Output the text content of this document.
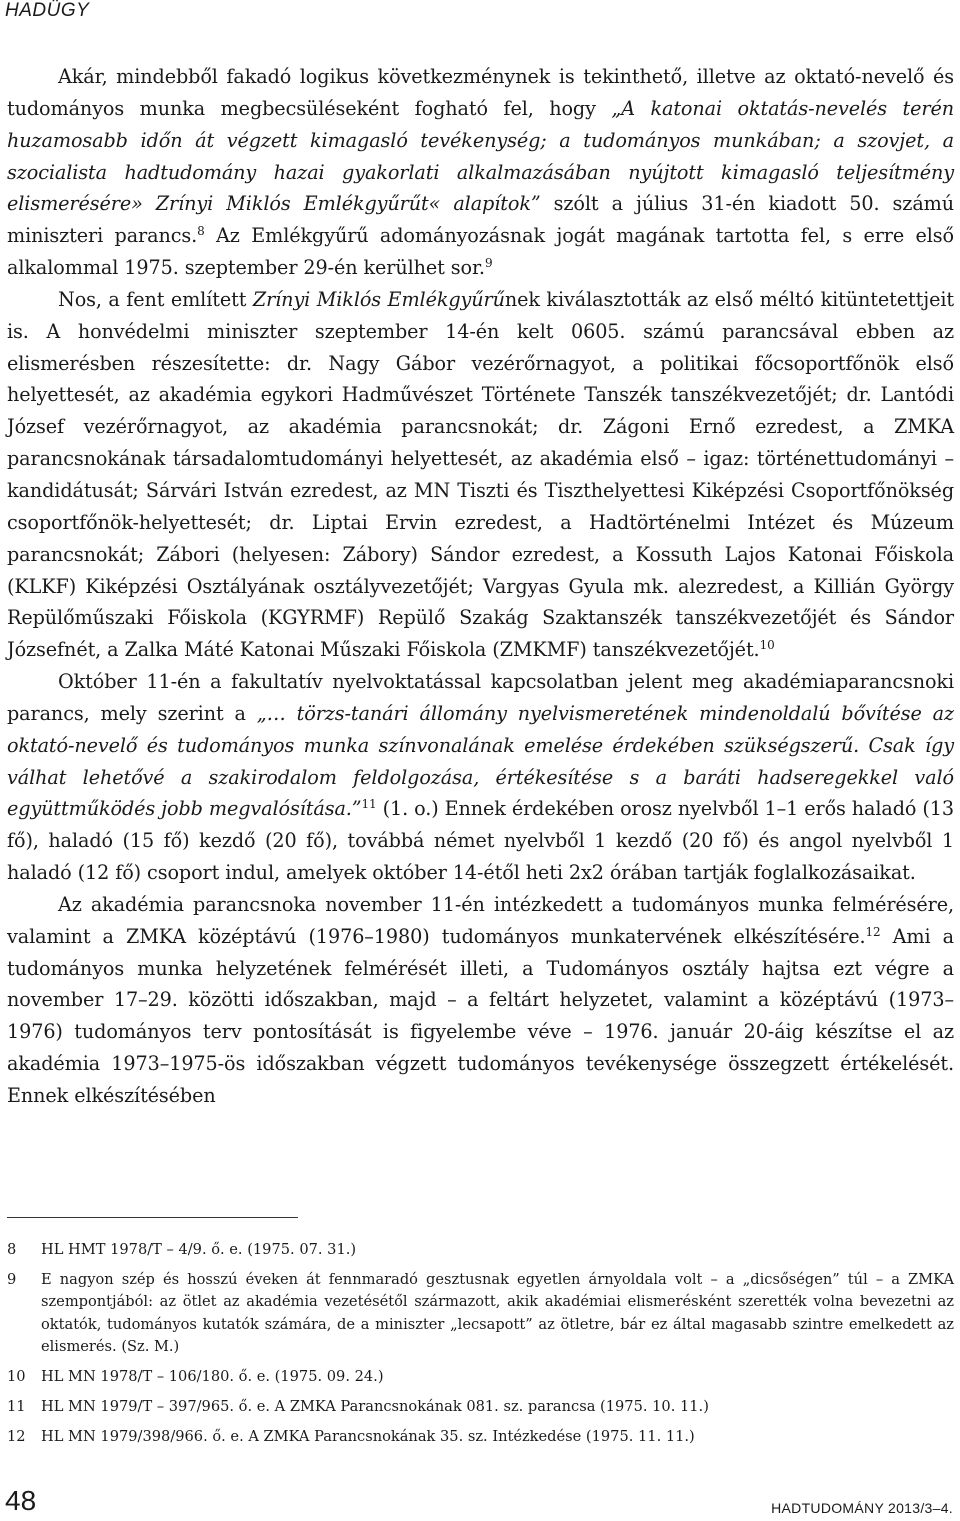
HADÜGY

Akár, mindebből fakadó logikus következménynek is tekinthető, illetve az oktató-nevelő és tudományos munka megbecsüléseként fogható fel, hogy „A katonai oktatás-nevelés terén huzamosabb időn át végzett kimagasló tevékenység; a tudományos munkában; a szovjet, a szocialista hadtudomány hazai gyakorlati alkalmazásában nyújtott kimagasló teljesítmény elismerésére» Zrínyi Miklós Emlékgyűrűt« alapítok” szólt a július 31-én kiadott 50. számú miniszteri parancs.$^8$ Az Emlékgyűrű adományozásnak jogát magának tartotta fel, s erre első alkalommal 1975. szeptember 29-én kerülhet sor.$^9$

Nos, a fent említett Zrínyi Miklós Emlékgyűrűnek kiválasztották az első méltó kitüntetettjeit is. A honvédelmi miniszter szeptember 14-én kelt 0605. számú parancsával ebben az elismerésben részesítette: dr. Nagy Gábor vezérőrnagyot, a politikai főcsoportfőnök első helyettesét, az akadémia egykori Hadművészet Története Tanszék tanszékvezetőjét; dr. Lantódi József vezérőrnagyot, az akadémia parancsnokát; dr. Zágoni Ernő ezredest, a ZMKA parancsnokának társadalomtudományi helyettesét, az akadémia első – igaz: történettudományi – kandidátusát; Sárvári István ezredest, az MN Tiszti és Tiszthelyettesi Kiképzési Csoportfőnökség csoportfőnök-helyettesét; dr. Liptai Ervin ezredest, a Hadtörténelmi Intézet és Múzeum parancsnokát; Zábori (helyesen: Zábory) Sándor ezredest, a Kossuth Lajos Katonai Főiskola (KLKF) Kiképzési Osztályának osztályvezetőjét; Vargyas Gyula mk. alezredest, a Killián György Repülőműszaki Főiskola (KGYRMF) Repülő Szakág Szaktanszék tanszékvezetőjét és Sándor Józsefnét, a Zalka Máté Katonai Műszaki Főiskola (ZMKMF) tanszékvezetőjét.$^{10}$

Október 11-én a fakultatív nyelvoktatással kapcsolatban jelent meg akadémiaparancsnoki parancs, mely szerint a „… törzs-tanári állomány nyelvismeretének mindenoldalú bővítése az oktató-nevelő és tudományos munka színvonalának emelése érdekében szükségszerű. Csak így válhat lehetővé a szakirodalom feldolgozása, értékesítése s a baráti hadseregekkel való együttműködés jobb megvalósítása.”$^{11}$ (1. o.) Ennek érdekében orosz nyelvből 1–1 erős haladó (13 fő), haladó (15 fő) kezdő (20 fő), továbbá német nyelvből 1 kezdő (20 fő) és angol nyelvből 1 haladó (12 fő) csoport indul, amelyek október 14-étől heti 2x2 órában tartják foglalkozásaikat.

Az akadémia parancsnoka november 11-én intézkedett a tudományos munka felmérésére, valamint a ZMKA középtávú (1976–1980) tudományos munkatervének elkészítésére.$^{12}$ Ami a tudományos munka helyzetének felmérését illeti, a Tudományos osztály hajtsa ezt végre a november 17–29. közötti időszakban, majd – a feltárt helyzetet, valamint a középtávú (1973–1976) tudományos terv pontosítását is figyelembe véve – 1976. január 20-áig készítse el az akadémia 1973–1975-ös időszakban végzett tudományos tevékenysége összegzett értékelését. Ennek elkészítésében

8	HL HMT 1978/T – 4/9. ő. e. (1975. 07. 31.)
9	E nagyon szép és hosszú éveken át fennmaradó gesztusnak egyetlen árnyoldala volt – a „dicsőségen” túl – a ZMKA szempontjából: az ötlet az akadémia vezetésétől származott, akik akadémiai elismerésként szerették volna bevezetni az oktatók, tudományos kutatók számára, de a miniszter „lecsapott” az ötletre, bár ez által magasabb szintre emelkedett az elismerés. (Sz. M.)
10	HL MN 1978/T – 106/180. ő. e. (1975. 09. 24.)
11	HL MN 1979/T – 397/965. ő. e. A ZMKA Parancsnokának 081. sz. parancsa (1975. 10. 11.)
12	HL MN 1979/398/966. ő. e. A ZMKA Parancsnokának 35. sz. Intézkedése (1975. 11. 11.)
48	HADTUDOMÁNY 2013/3–4.
